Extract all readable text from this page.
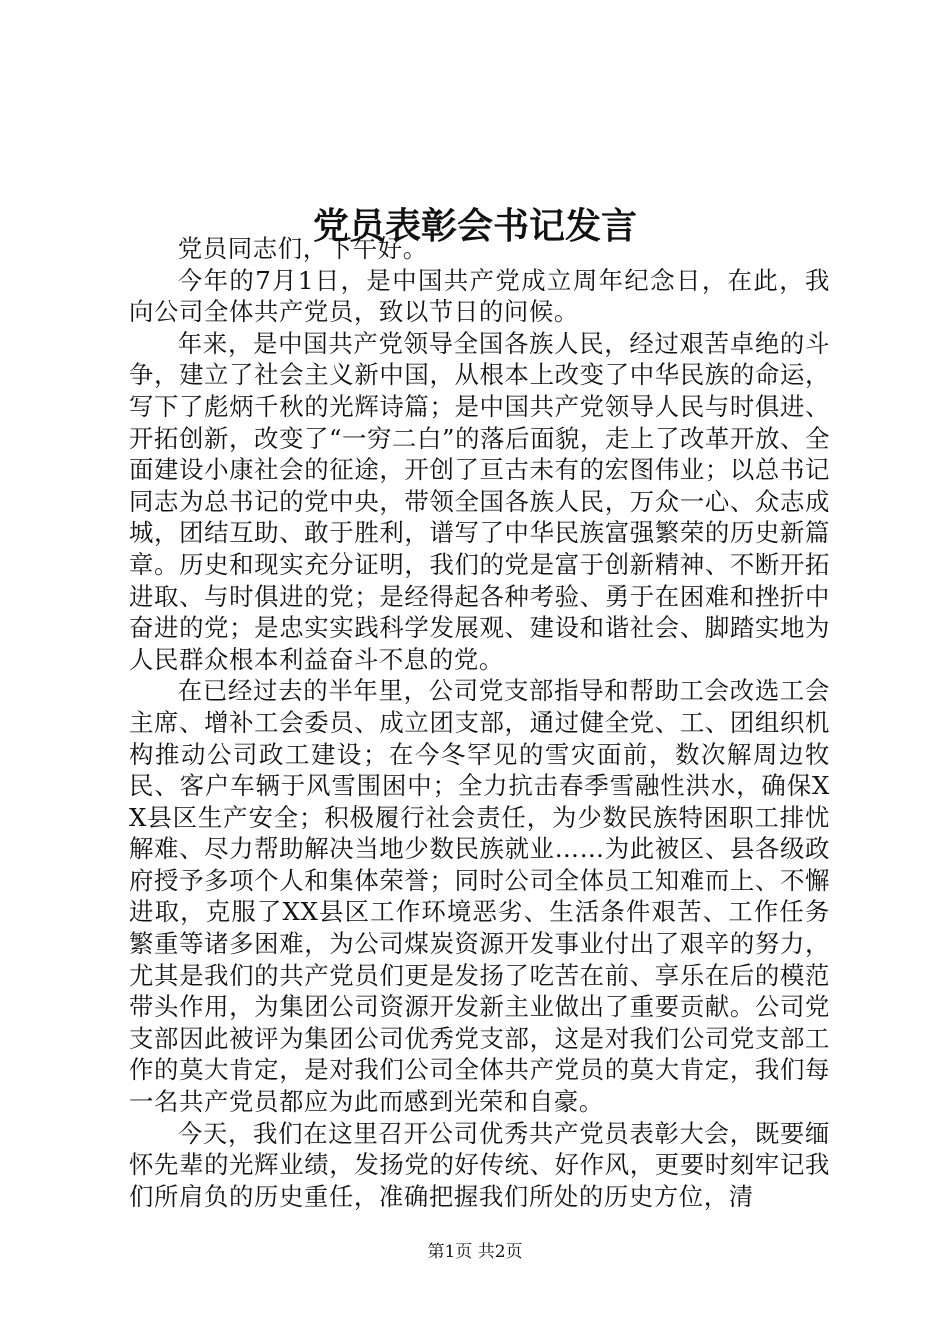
党员表彰会书记发言

党员同志们，下午好。

今年的7月1日，是中国共产党成立周年纪念日，在此，我向公司全体共产党员，致以节日的问候。

年来，是中国共产党领导全国各族人民，经过艰苦卓绝的斗争，建立了社会主义新中国，从根本上改变了中华民族的命运，写下了彪炳千秋的光辉诗篇；是中国共产党领导人民与时俱进、开拓创新，改变了“一穷二白”的落后面貌，走上了改革开放、全面建设小康社会的征途，开创了亘古未有的宏图伟业；以总书记同志为总书记的党中央，带领全国各族人民，万众一心、众志成城，团结互助、敢于胜利，谱写了中华民族富强繁荣的历史新篇章。历史和现实充分证明，我们的党是富于创新精神、不断开拓进取、与时俱进的党；是经得起各种考验、勇于在困难和挫折中奋进的党；是忠实实践科学发展观、建设和谐社会、脚踏实地为人民群众根本利益奋斗不息的党。

在已经过去的半年里，公司党支部指导和帮助工会改选工会主席、增补工会委员、成立团支部，通过健全党、工、团组织机构推动公司政工建设；在今冬罕见的雪灾面前，数次解周边牧民、客户车辆于风雪围困中；全力抗击春季雪融性洪水，确保XX县区生产安全；积极履行社会责任，为少数民族特困职工排忧解难、尽力帮助解决当地少数民族就业……为此被区、县各级政府授予多项个人和集体荣誉；同时公司全体员工知难而上、不懈进取，克服了XX县区工作环境恶劣、生活条件艰苦、工作任务繁重等诸多困难，为公司煤炭资源开发事业付出了艰辛的努力，尤其是我们的共产党员们更是发扬了吃苦在前、享乐在后的模范带头作用，为集团公司资源开发新主业做出了重要贡献。公司党支部因此被评为集团公司优秀党支部，这是对我们公司党支部工作的莫大肯定，是对我们公司全体共产党员的莫大肯定，我们每一名共产党员都应为此而感到光荣和自豪。

今天，我们在这里召开公司优秀共产党员表彰大会，既要缅怀先辈的光辉业绩，发扬党的好传统、好作风，更要时刻牢记我们所肩负的历史重任，准确把握我们所处的历史方位，清

第1页 共2页
